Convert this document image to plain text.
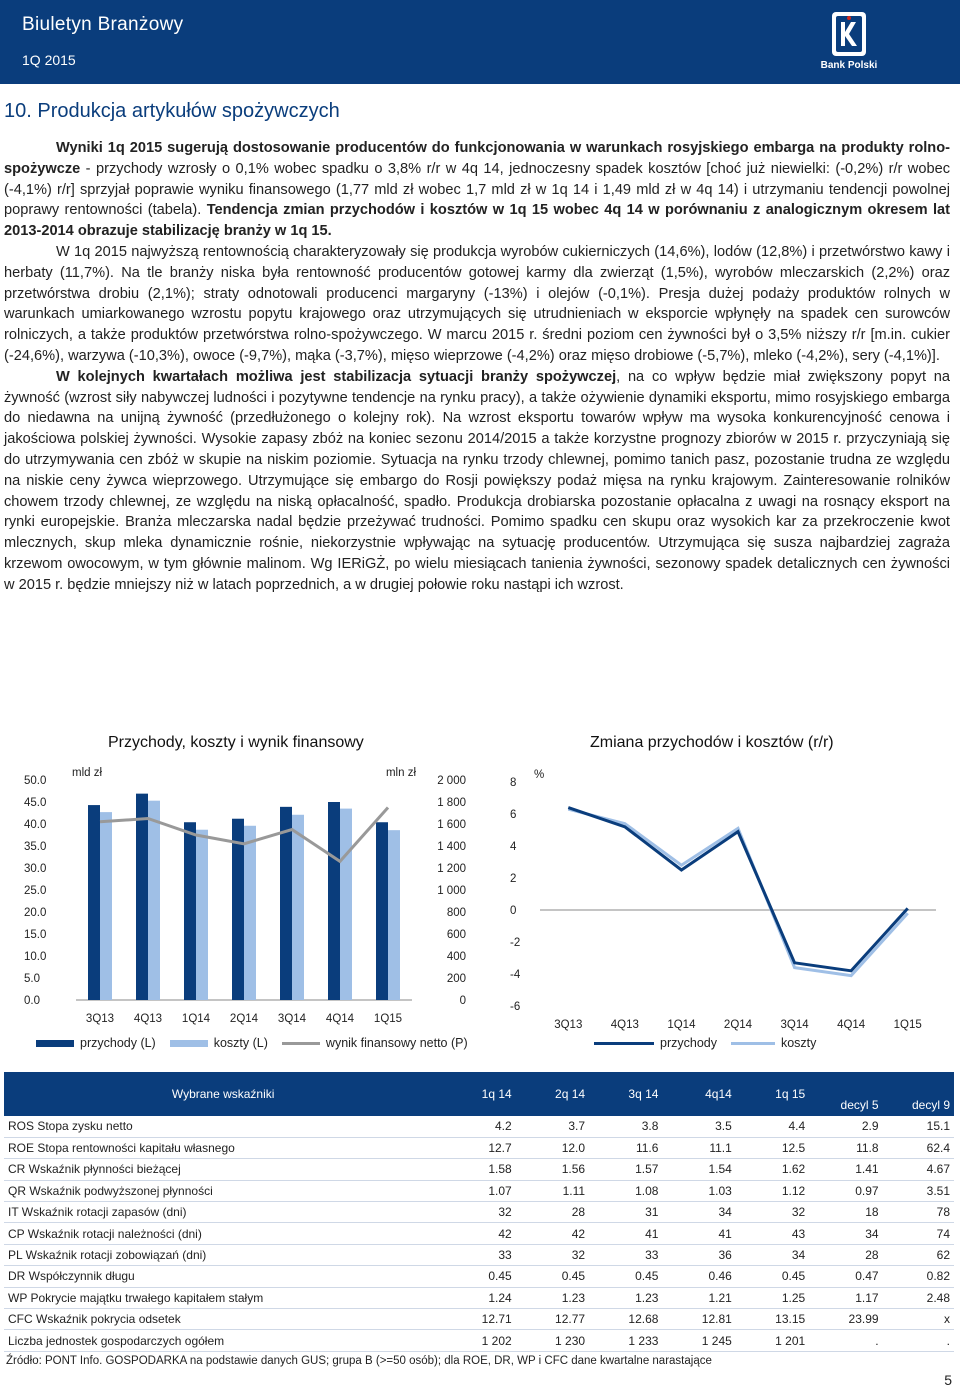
Biuletyn Branżowy
1Q 2015	Bank Polski
10. Produkcja artykułów spożywczych

Wyniki 1q 2015 sugerują dostosowanie producentów do funkcjonowania w warunkach rosyjskiego embarga na produkty rolno-spożywcze - przychody wzrosły o 0,1% wobec spadku o 3,8% r/r w 4q 14, jednoczesny spadek kosztów [choć już niewielki: (-0,2%) r/r wobec (-4,1%) r/r] sprzyjał poprawie wyniku finansowego (1,77 mld zł wobec 1,7 mld zł w 1q 14 i 1,49 mld zł w 4q 14) i utrzymaniu tendencji powolnej poprawy rentowności (tabela). Tendencja zmian przychodów i kosztów w 1q 15 wobec 4q 14 w porównaniu z analogicznym okresem lat 2013-2014 obrazuje stabilizację branży w 1q 15.

W 1q 2015 najwyższą rentownością charakteryzowały się produkcja wyrobów cukierniczych (14,6%), lodów (12,8%) i przetwórstwo kawy i herbaty (11,7%). Na tle branży niska była rentowność producentów gotowej karmy dla zwierząt (1,5%), wyrobów mleczarskich (2,2%) oraz przetwórstwa drobiu (2,1%); straty odnotowali producenci margaryny (-13%) i olejów (-0,1%). Presja dużej podaży produktów rolnych w warunkach umiarkowanego wzrostu popytu krajowego oraz utrzymujących się utrudnieniach w eksporcie wpłynęły na spadek cen surowców rolniczych, a także produktów przetwórstwa rolno-spożywczego. W marcu 2015 r. średni poziom cen żywności był o 3,5% niższy r/r [m.in. cukier (-24,6%), warzywa (-10,3%), owoce (-9,7%), mąka (-3,7%), mięso wieprzowe (-4,2%) oraz mięso drobiowe (-5,7%), mleko (-4,2%), sery (-4,1%)].

W kolejnych kwartałach możliwa jest stabilizacja sytuacji branży spożywczej, na co wpływ będzie miał zwiększony popyt na żywność (wzrost siły nabywczej ludności i pozytywne tendencje na rynku pracy), a także ożywienie dynamiki eksportu, mimo rosyjskiego embarga do niedawna na unijną żywność (przedłużonego o kolejny rok). Na wzrost eksportu towarów wpływ ma wysoka konkurencyjność cenowa i jakościowa polskiej żywności. Wysokie zapasy zbóż na koniec sezonu 2014/2015 a także korzystne prognozy zbiorów w 2015 r. przyczyniają się do utrzymywania cen zbóż w skupie na niskim poziomie. Sytuacja na rynku trzody chlewnej, pomimo tanich pasz, pozostanie trudna ze względu na niskie ceny żywca wieprzowego. Utrzymujące się embargo do Rosji powiększy podaż mięsa na rynku krajowym. Zainteresowanie rolników chowem trzody chlewnej, ze względu na niską opłacalność, spadło. Produkcja drobiarska pozostanie opłacalna z uwagi na rosnący eksport na rynki europejskie. Branża mleczarska nadal będzie przeżywać trudności. Pomimo spadku cen skupu oraz wysokich kar za przekroczenie kwot mlecznych, skup mleka dynamicznie rośnie, niekorzystnie wpływając na sytuację producentów. Utrzymująca się susza najbardziej zagraża krzewom owocowym, w tym głównie malinom. Wg IERiGŻ, po wielu miesiącach tanienia żywności, sezonowy spadek detalicznych cen żywności w 2015 r. będzie mniejszy niż w latach poprzednich, a w drugiej połowie roku nastąpi ich wzrost.

Przychody, koszty i wynik finansowy
0.0
5.0
10.0
15.0
20.0
25.0
30.0
35.0
40.0
45.0
50.0
0
200
400
600
800
1 000
1 200
1 400
1 600
1 800
2 000
mld zł	mln zł
3Q13 4Q13 1Q14 2Q14 3Q14 4Q14 1Q15
przychody (L)	koszty (L)	wynik finansowy netto (P)
Zmiana przychodów i kosztów (r/r)
-6
-4
-2
0
2
4
6
8
%
3Q13 4Q13 1Q14 2Q14 3Q14 4Q14 1Q15
przychody	koszty
Wybrane wskaźniki	1q 14	2q 14	3q 14	4q14	1q 15	decyl 5	decyl 9
ROS Stopa zysku netto	4.2	3.7	3.8	3.5	4.4	2.9	15.1
ROE Stopa rentowności kapitału własnego	12.7	12.0	11.6	11.1	12.5	11.8	62.4
CR Wskaźnik płynności bieżącej	1.58	1.56	1.57	1.54	1.62	1.41	4.67
QR Wskaźnik podwyższonej płynności	1.07	1.11	1.08	1.03	1.12	0.97	3.51
IT Wskaźnik rotacji zapasów (dni)	32	28	31	34	32	18	78
CP Wskaźnik rotacji należności (dni)	42	42	41	41	43	34	74
PL Wskaźnik rotacji zobowiązań (dni)	33	32	33	36	34	28	62
DR Współczynnik długu	0.45	0.45	0.45	0.46	0.45	0.47	0.82
WP Pokrycie majątku trwałego kapitałem stałym	1.24	1.23	1.23	1.21	1.25	1.17	2.48
CFC Wskaźnik pokrycia odsetek	12.71	12.77	12.68	12.81	13.15	23.99	x
Liczba jednostek gospodarczych ogółem	1 202	1 230	1 233	1 245	1 201	.	.
Źródło: PONT Info. GOSPODARKA na podstawie danych GUS; grupa B (>=50 osób); dla ROE, DR, WP i CFC dane kwartalne narastające
5
